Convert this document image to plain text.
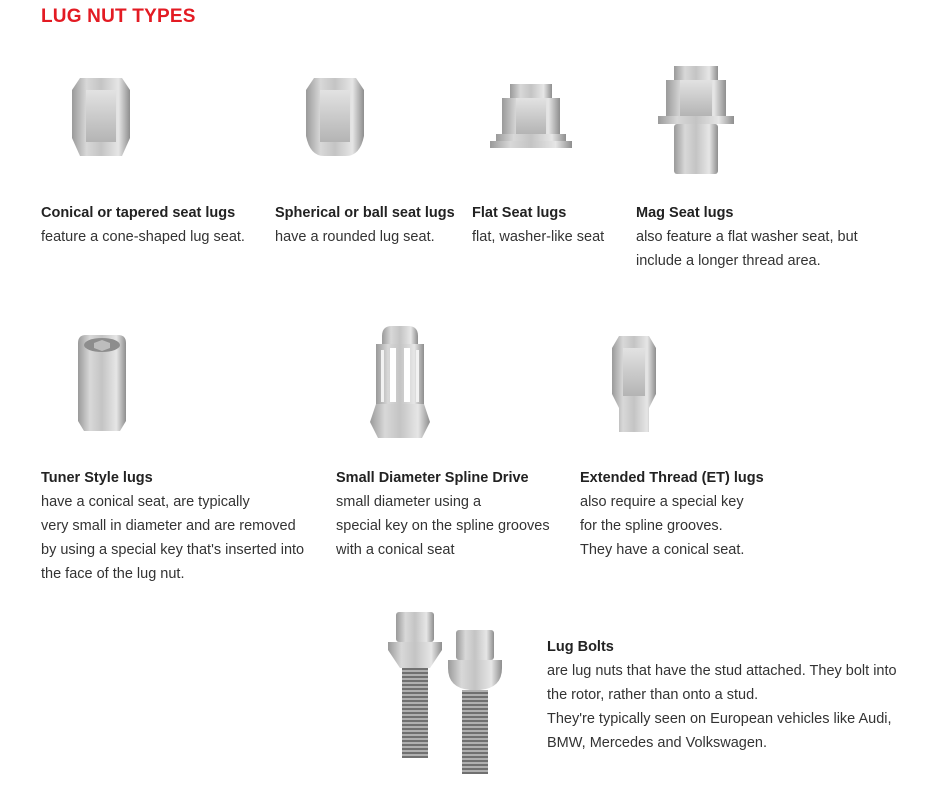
LUG NUT TYPES
Conical or tapered seat lugs
feature a cone-shaped lug seat.
Spherical or ball seat lugs
have a rounded lug seat.
Flat Seat lugs
flat, washer-like seat
Mag Seat lugs
also feature a flat washer seat, but
include a longer thread area.
Tuner Style lugs
have a conical seat, are typically
very small in diameter and are removed
by using a special key that's inserted into
the face of the lug nut.
Small Diameter Spline Drive
small diameter using a
special key on the spline grooves
with a conical seat
Extended Thread (ET) lugs
also require a special key
for the spline grooves.
They have a conical seat.
Lug Bolts
are lug nuts that have the stud attached. They bolt into
the rotor, rather than onto a stud.
They're typically seen on European vehicles like Audi,
BMW, Mercedes and Volkswagen.
